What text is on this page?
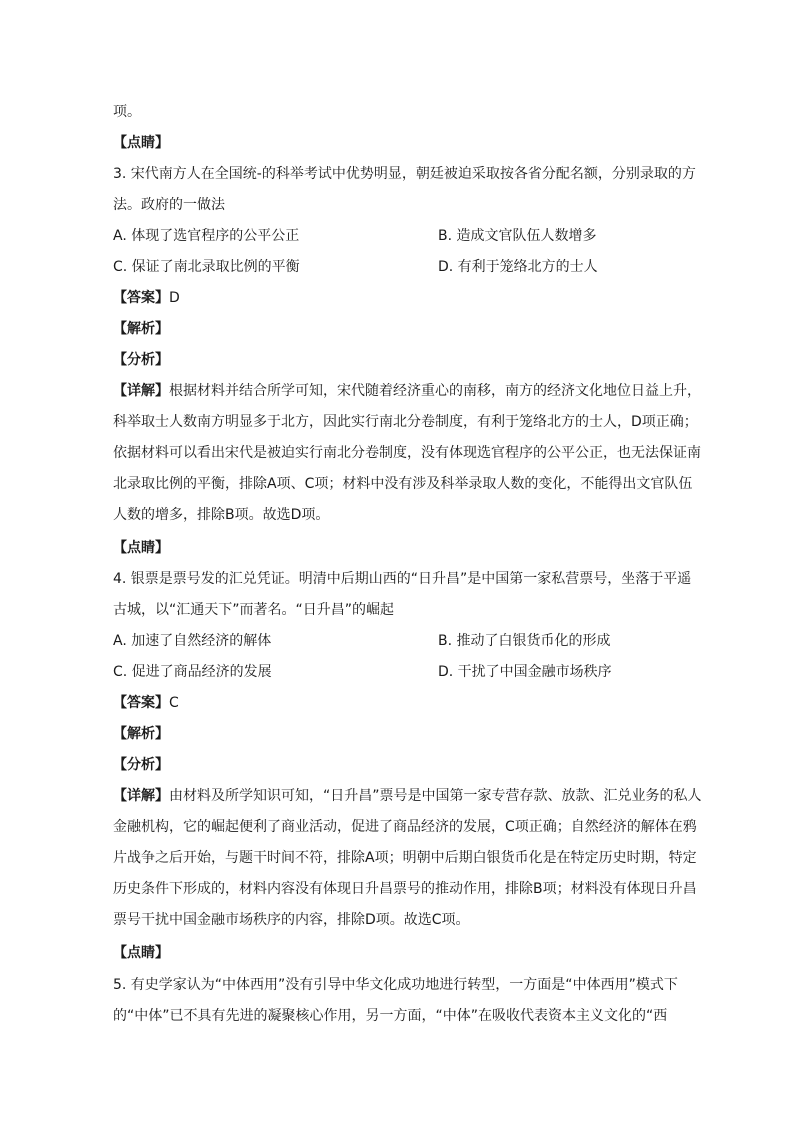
项。
【点睛】
3. 宋代南方人在全国统-的科举考试中优势明显，朝廷被迫采取按各省分配名额，分别录取的方
法。政府的一做法
A. 体现了选官程序的公平公正	B. 造成文官队伍人数增多
C. 保证了南北录取比例的平衡	D. 有利于笼络北方的士人
【答案】D
【解析】
【分析】
【详解】根据材料并结合所学可知，宋代随着经济重心的南移，南方的经济文化地位日益上升，
科举取士人数南方明显多于北方，因此实行南北分卷制度，有利于笼络北方的士人，D项正确；
依据材料可以看出宋代是被迫实行南北分卷制度，没有体现选官程序的公平公正，也无法保证南
北录取比例的平衡，排除A项、C项；材料中没有涉及科举录取人数的变化，不能得出文官队伍
人数的增多，排除B项。故选D项。
【点睛】
4. 银票是票号发的汇兑凭证。明清中后期山西的“日升昌”是中国第一家私营票号，坐落于平遥
古城，以“汇通天下”而著名。“日升昌”的崛起
A. 加速了自然经济的解体	B. 推动了白银货币化的形成
C. 促进了商品经济的发展	D. 干扰了中国金融市场秩序
【答案】C
【解析】
【分析】
【详解】由材料及所学知识可知，“日升昌”票号是中国第一家专营存款、放款、汇兑业务的私人
金融机构，它的崛起便利了商业活动，促进了商品经济的发展，C项正确；自然经济的解体在鸦
片战争之后开始，与题干时间不符，排除A项；明朝中后期白银货币化是在特定历史时期，特定
历史条件下形成的，材料内容没有体现日升昌票号的推动作用，排除B项；材料没有体现日升昌
票号干扰中国金融市场秩序的内容，排除D项。故选C项。
【点睛】
5. 有史学家认为“中体西用”没有引导中华文化成功地进行转型，一方面是“中体西用”模式下
的“中体”已不具有先进的凝聚核心作用，另一方面，“中体”在吸收代表资本主义文化的“西
